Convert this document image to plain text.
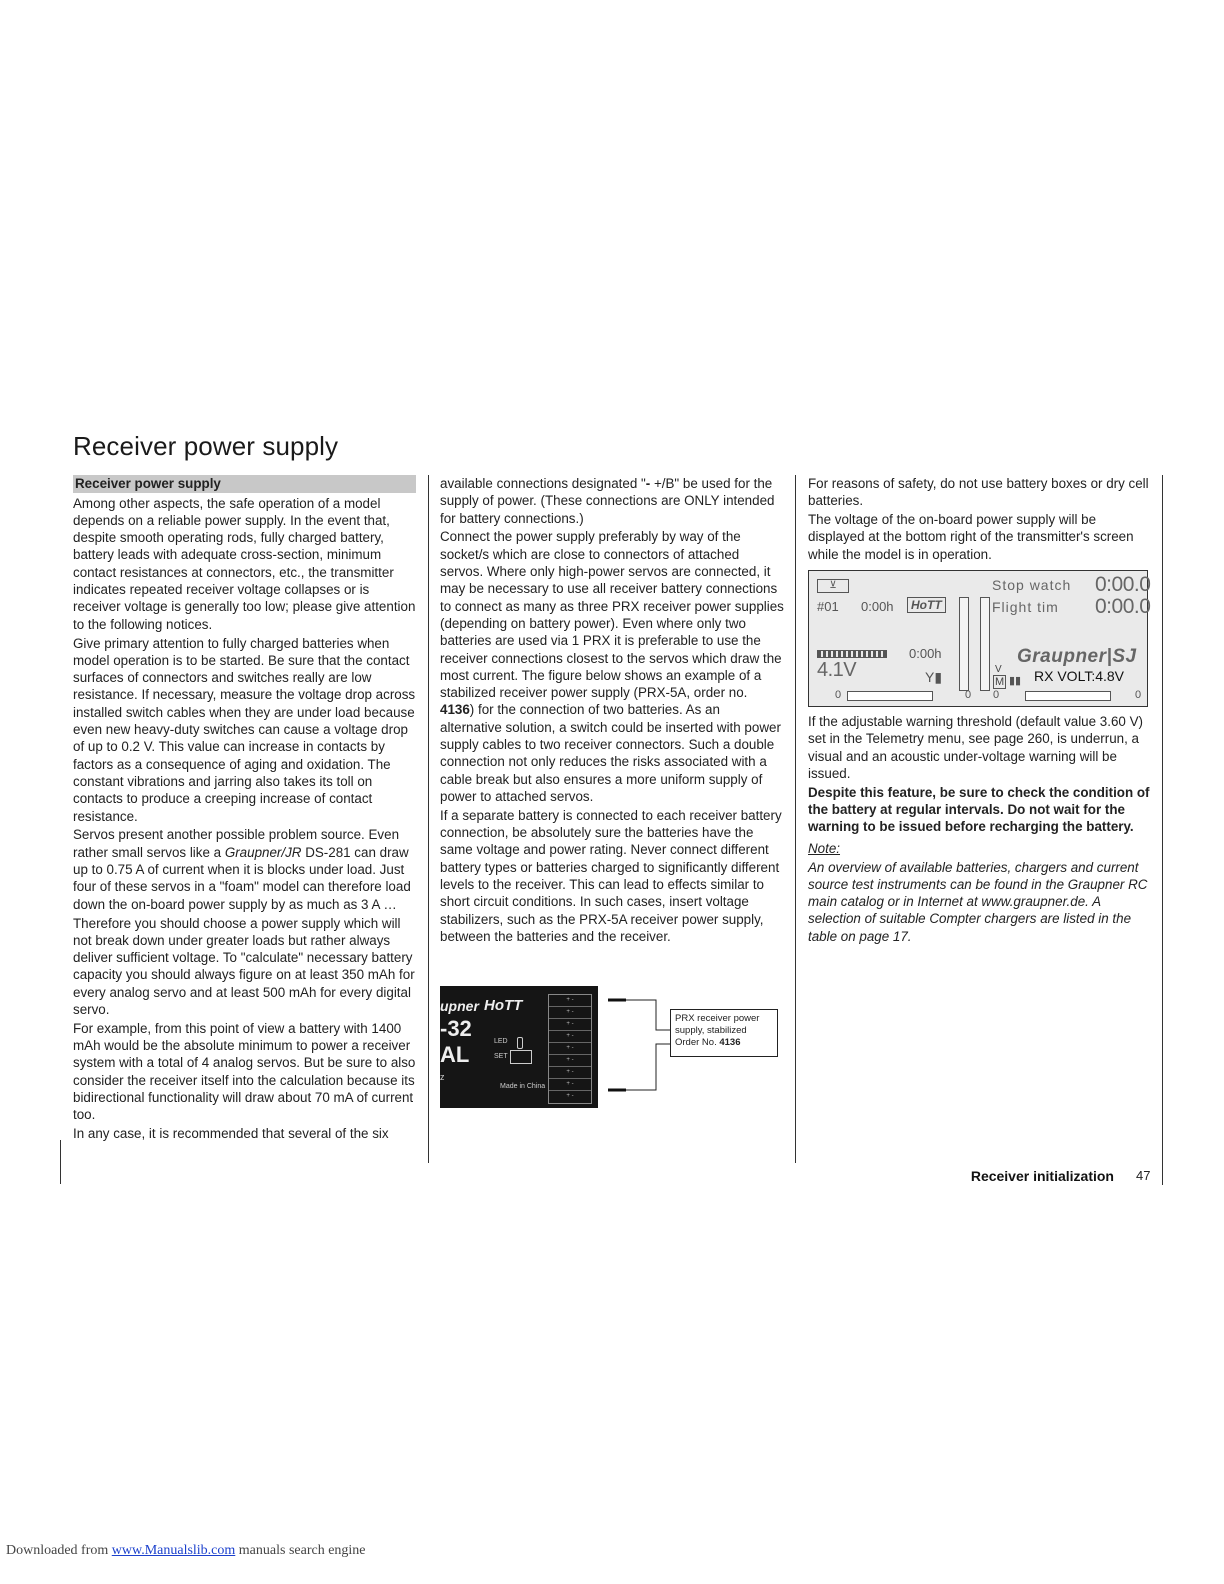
Receiver power supply

Receiver power supply

Among other aspects, the safe operation of a model depends on a reliable power supply. In the event that, despite smooth operating rods, fully charged battery, battery leads with adequate cross-section, minimum contact resistances at connectors, etc., the transmitter indicates repeated receiver voltage collapses or is receiver voltage is generally too low; please give attention to the following notices.

Give primary attention to fully charged batteries when model operation is to be started. Be sure that the contact surfaces of connectors and switches really are low resistance. If necessary, measure the voltage drop across installed switch cables when they are under load because even new heavy-duty switches can cause a voltage drop of up to 0.2 V. This value can increase in contacts by factors as a consequence of aging and oxidation. The constant vibrations and jarring also takes its toll on contacts to produce a creeping increase of contact resistance.

Servos present another possible problem source. Even rather small servos like a Graupner/JR DS-281 can draw up to 0.75 A of current when it is blocks under load. Just four of these servos in a "foam" model can therefore load down the on-board power supply by as much as 3 A …

Therefore you should choose a power supply which will not break down under greater loads but rather always deliver sufficient voltage. To "calculate" necessary battery capacity you should always figure on at least 350 mAh for every analog servo and at least 500 mAh for every digital servo.

For example, from this point of view a battery with 1400 mAh would be the absolute minimum to power a receiver system with a total of 4 analog servos. But be sure to also consider the receiver itself into the calculation because its bidirectional functionality will draw about 70 mA of current too.

In any case, it is recommended that several of the six

available connections designated "- +/B" be used for the supply of power. (These connections are ONLY intended for battery connections.)

Connect the power supply preferably by way of the socket/s which are close to connectors of attached servos. Where only high-power servos are connected, it may be necessary to use all receiver battery connections to connect as many as three PRX receiver power supplies (depending on battery power). Even where only two batteries are used via 1 PRX it is preferable to use the receiver connections closest to the servos which draw the most current. The figure below shows an example of a stabilized receiver power supply (PRX-5A, order no. 4136) for the connection of two batteries. As an alternative solution, a switch could be inserted with power supply cables to two receiver connectors. Such a double connection not only reduces the risks associated with a cable break but also ensures a more uniform supply of power to attached servos.

If a separate battery is connected to each receiver battery connection, be absolutely sure the batteries have the same voltage and power rating. Never connect different battery types or batteries charged to significantly different levels to the receiver. This can lead to effects similar to short circuit conditions. In such cases, insert voltage stabilizers, such as the PRX-5A receiver power supply, between the batteries and the receiver.

upner HoTT
-32
AL
z
LED
SET
Made in China
+ -
+ -
+ -
+ -
+ -
+ -
+ -
+ -
+ -
PRX receiver power supply, stabilized
Order No. 4136

For reasons of safety, do not use battery boxes or dry cell batteries.

The voltage of the on-board power supply will be displayed at the bottom right of the transmitter's screen while the model is in operation.

⊻
#01 0:00h	HoTT
Stop watch 0:00.0
Flight tim 0:00.0
0:00h
4.1V	Y▮
Graupner|SJ
V
M ▮▮ RX VOLT:4.8V
0	0 0	0

If the adjustable warning threshold (default value 3.60 V) set in the Telemetry menu, see page 260, is underrun, a visual and an acoustic under-voltage warning will be issued.

Despite this feature, be sure to check the condition of the battery at regular intervals. Do not wait for the warning to be issued before recharging the battery.

Note:

An overview of available batteries, chargers and current source test instruments can be found in the Graupner RC main catalog or in Internet at www.graupner.de. A selection of suitable Compter chargers are listed in the table on page 17.

Receiver initialization 47
Downloaded from www.Manualslib.com manuals search engine
